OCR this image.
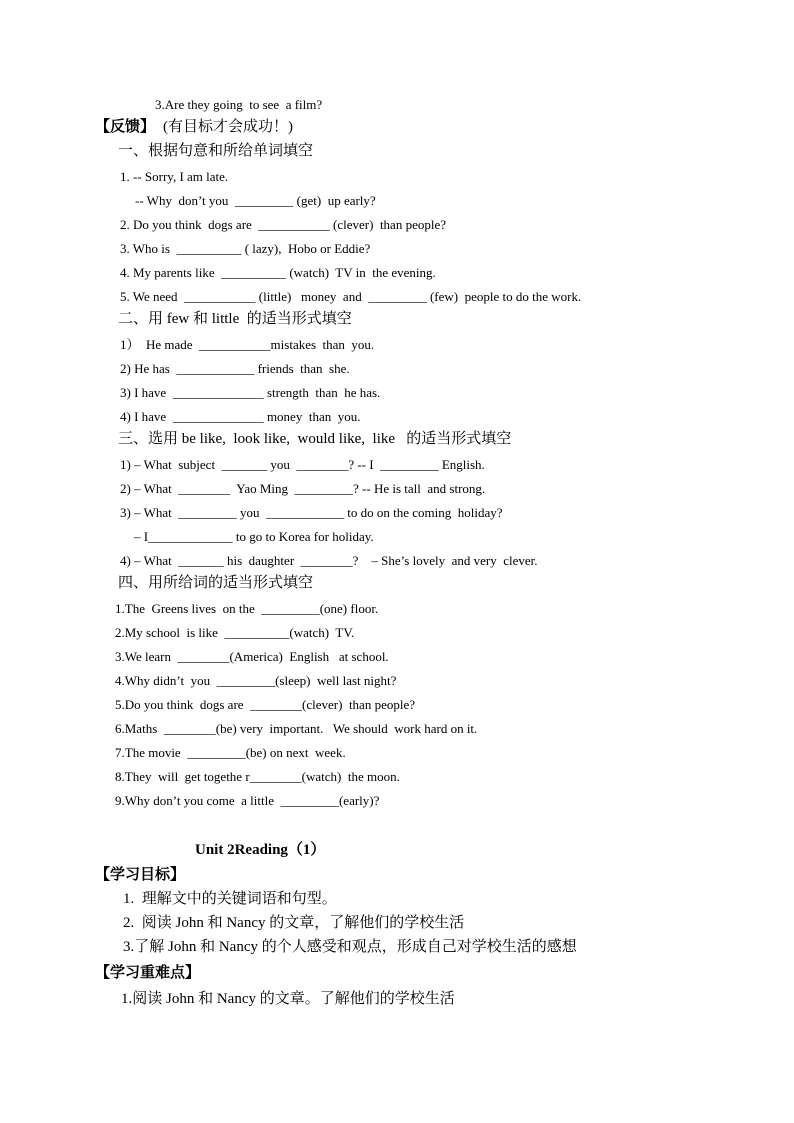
3.Are they going  to see  a film?
【反馈】 (有目标才会成功！)
一、根据句意和所给单词填空
1. -- Sorry, I am late.
-- Why  don’t you  _________ (get)  up early?
2. Do you think  dogs are  ___________ (clever)  than people?
3. Who is  __________ ( lazy),  Hobo or Eddie?
4. My parents like  __________ (watch)  TV in  the evening.
5. We need  ___________ (little)   money  and  _________ (few)  people to do the work.
二、用 few 和 little  的适当形式填空
1）  He made  ___________mistakes  than  you.
2) He has  ____________ friends  than  she.
3) I have  ______________ strength  than  he has.
4) I have  ______________ money  than  you.
三、选用 be like,  look like,  would like,  like   的适当形式填空
1) – What  subject  _______ you  ________? -- I  _________ English.
2) – What  ________  Yao Ming  _________? -- He is tall  and strong.
3) – What  _________ you  ____________ to do on the coming  holiday?
– I_____________ to go to Korea for holiday.
4) – What  _______ his  daughter  ________?    – She’s lovely  and very  clever.
四、用所给词的适当形式填空
1.The  Greens lives  on the  _________(one) floor.
2.My school  is like  __________(watch)  TV.
3.We learn  ________(America)  English   at school.
4.Why didn’t  you  _________(sleep)  well last night?
5.Do you think  dogs are  ________(clever)  than people?
6.Maths  ________(be) very  important.   We should  work hard on it.
7.The movie  _________(be) on next  week.
8.They  will  get togethe r________(watch)  the moon.
9.Why don’t you come  a little  _________(early)?
Unit 2Reading（1）
【学习目标】
1.  理解文中的关键词语和句型。
2.  阅读 John 和 Nancy 的文章，了解他们的学校生活
3.了解 John 和 Nancy 的个人感受和观点，形成自己对学校生活的感想
【学习重难点】
1.阅读 John 和 Nancy 的文章。了解他们的学校生活
